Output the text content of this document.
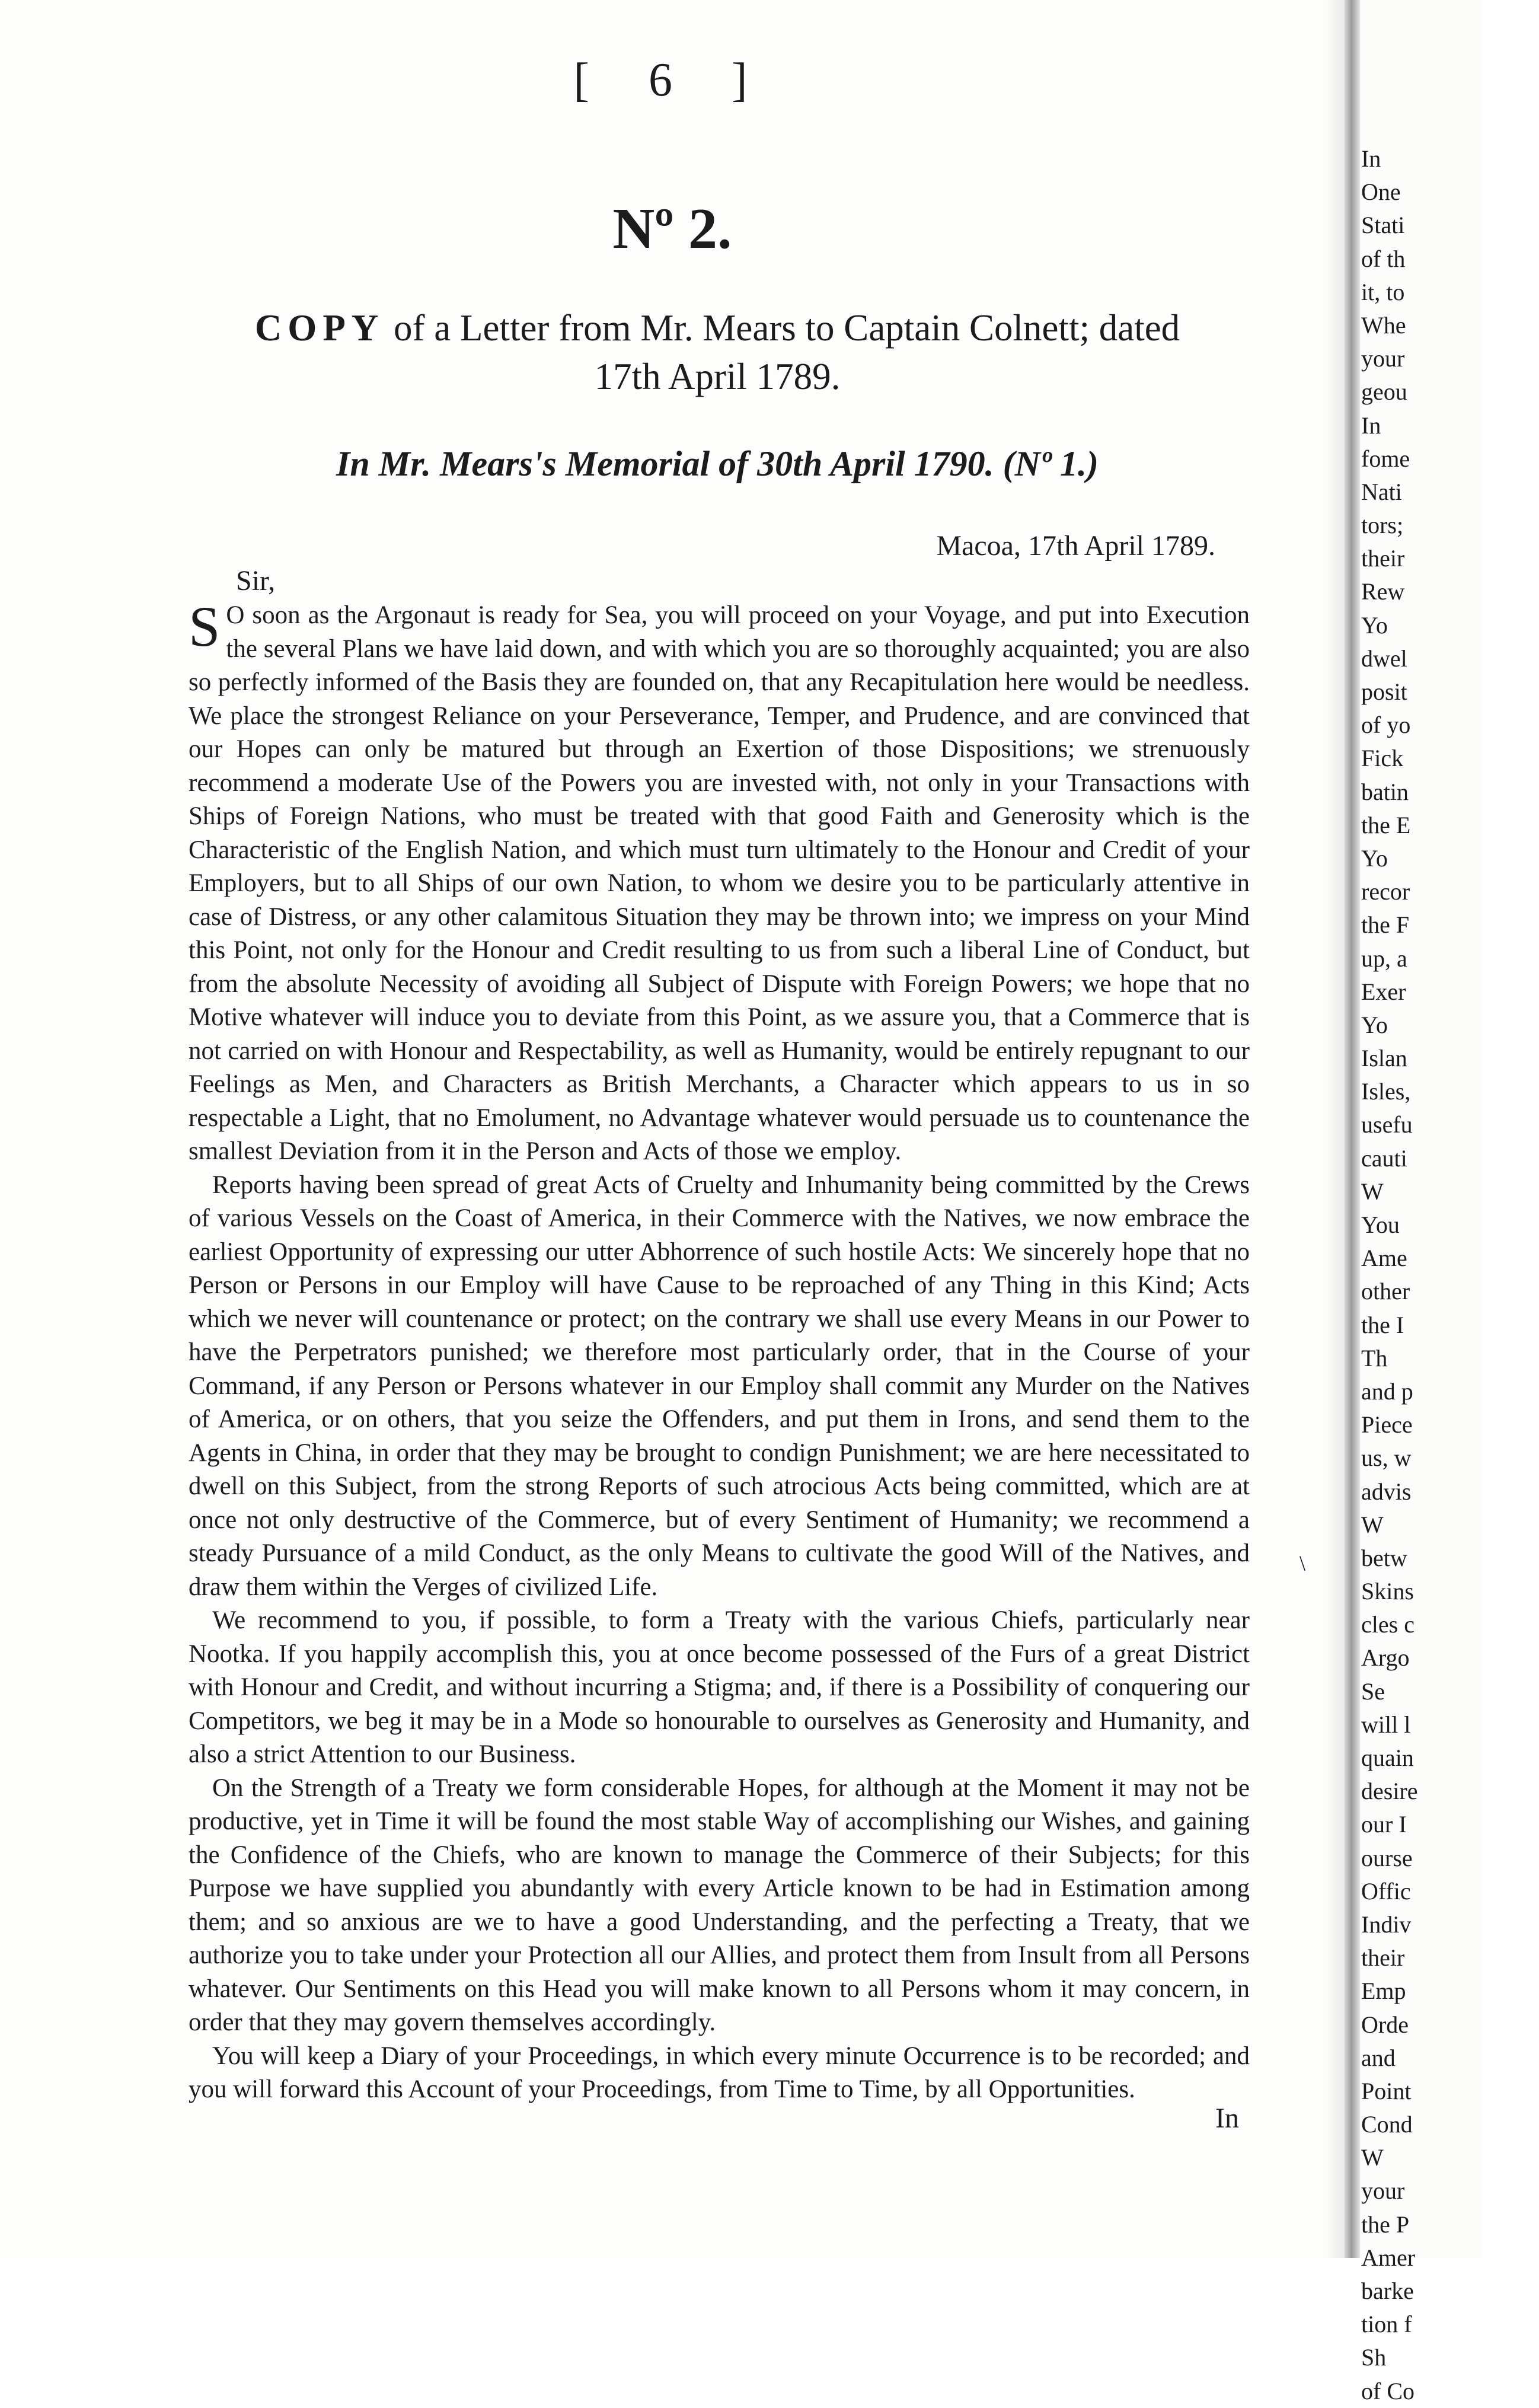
[ 6 ]
Nº 2.
COPY of a Letter from Mr. Mears to Captain Colnett; dated
17th April 1789.
In Mr. Mears's Memorial of 30th April 1790. (Nº 1.)
Macoa, 17th April 1789.
Sir,

S O soon as the Argonaut is ready for Sea, you will proceed on your Voyage, and put into Execution the several Plans we have laid down, and with which you are so thoroughly acquainted; you are also so perfectly informed of the Basis they are founded on, that any Recapitulation here would be needless. We place the strongest Reliance on your Perseverance, Temper, and Prudence, and are convinced that our Hopes can only be matured but through an Exertion of those Dispositions; we strenuously recommend a moderate Use of the Powers you are invested with, not only in your Transactions with Ships of Foreign Nations, who must be treated with that good Faith and Generosity which is the Characteristic of the English Nation, and which must turn ultimately to the Honour and Credit of your Employers, but to all Ships of our own Nation, to whom we desire you to be particularly attentive in case of Distress, or any other calamitous Situation they may be thrown into; we impress on your Mind this Point, not only for the Honour and Credit resulting to us from such a liberal Line of Conduct, but from the absolute Necessity of avoiding all Subject of Dispute with Foreign Powers; we hope that no Motive whatever will induce you to deviate from this Point, as we assure you, that a Commerce that is not carried on with Honour and Respectability, as well as Humanity, would be entirely repugnant to our Feelings as Men, and Characters as British Merchants, a Character which appears to us in so respectable a Light, that no Emolument, no Advantage whatever would persuade us to countenance the smallest Deviation from it in the Person and Acts of those we employ.

Reports having been spread of great Acts of Cruelty and Inhumanity being committed by the Crews of various Vessels on the Coast of America, in their Commerce with the Natives, we now embrace the earliest Opportunity of expressing our utter Abhorrence of such hostile Acts: We sincerely hope that no Person or Persons in our Employ will have Cause to be reproached of any Thing in this Kind; Acts which we never will countenance or protect; on the contrary we shall use every Means in our Power to have the Perpetrators punished; we therefore most particularly order, that in the Course of your Command, if any Person or Persons whatever in our Employ shall commit any Murder on the Natives of America, or on others, that you seize the Offenders, and put them in Irons, and send them to the Agents in China, in order that they may be brought to condign Punishment; we are here necessitated to dwell on this Subject, from the strong Reports of such atrocious Acts being committed, which are at once not only destructive of the Commerce, but of every Sentiment of Humanity; we recommend a steady Pursuance of a mild Conduct, as the only Means to cultivate the good Will of the Natives, and draw them within the Verges of civilized Life.

We recommend to you, if possible, to form a Treaty with the various Chiefs, particularly near Nootka. If you happily accomplish this, you at once become possessed of the Furs of a great District with Honour and Credit, and without incurring a Stigma; and, if there is a Possibility of conquering our Competitors, we beg it may be in a Mode so honourable to ourselves as Generosity and Humanity, and also a strict Attention to our Business.

On the Strength of a Treaty we form considerable Hopes, for although at the Moment it may not be productive, yet in Time it will be found the most stable Way of accomplishing our Wishes, and gaining the Confidence of the Chiefs, who are known to manage the Commerce of their Subjects; for this Purpose we have supplied you abundantly with every Article known to be had in Estimation among them; and so anxious are we to have a good Understanding, and the perfecting a Treaty, that we authorize you to take under your Protection all our Allies, and protect them from Insult from all Persons whatever. Our Sentiments on this Head you will make known to all Persons whom it may concern, in order that they may govern themselves accordingly.

You will keep a Diary of your Proceedings, in which every minute Occurrence is to be recorded; and you will forward this Account of your Proceedings, from Time to Time, by all Opportunities.

\
In
In
One
Stati
of th
it, to
Whe
your
geou
In
fome
Nati
tors;
their
Rew
Yo
dwel
posit
of yo
Fick
batin
the E
Yo
recor
the F
up, a
Exer
Yo
Islan
Isles,
usefu
cauti
W
You
Ame
other
the I
Th
and p
Piece
us, w
advis
W
betw
Skins
cles c
Argo
Se
will l
quain
desire
our I
ourse
Offic
Indiv
their
Emp
Orde
and
Point
Cond
W
your
the P
Amer
barke
tion f
Sh
of Co
